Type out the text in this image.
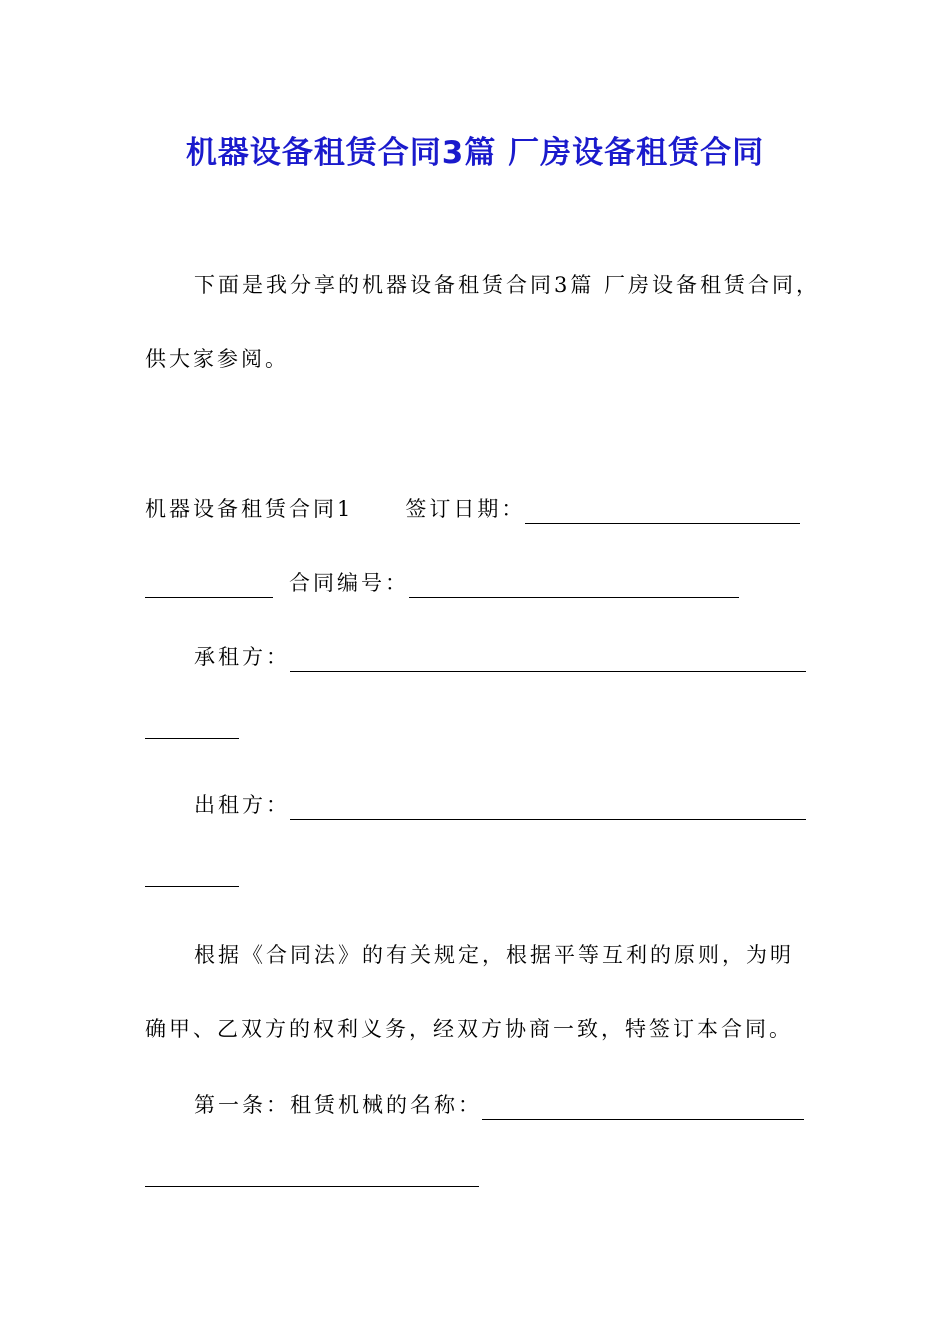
机器设备租赁合同3篇 厂房设备租赁合同
下面是我分享的机器设备租赁合同3篇 厂房设备租赁合同，
供大家参阅。
机器设备租赁合同1 签订日期：
合同编号：
承租方：
出租方：
根据《合同法》的有关规定，根据平等互利的原则，为明
确甲、乙双方的权利义务，经双方协商一致，特签订本合同。
第一条：租赁机械的名称：
